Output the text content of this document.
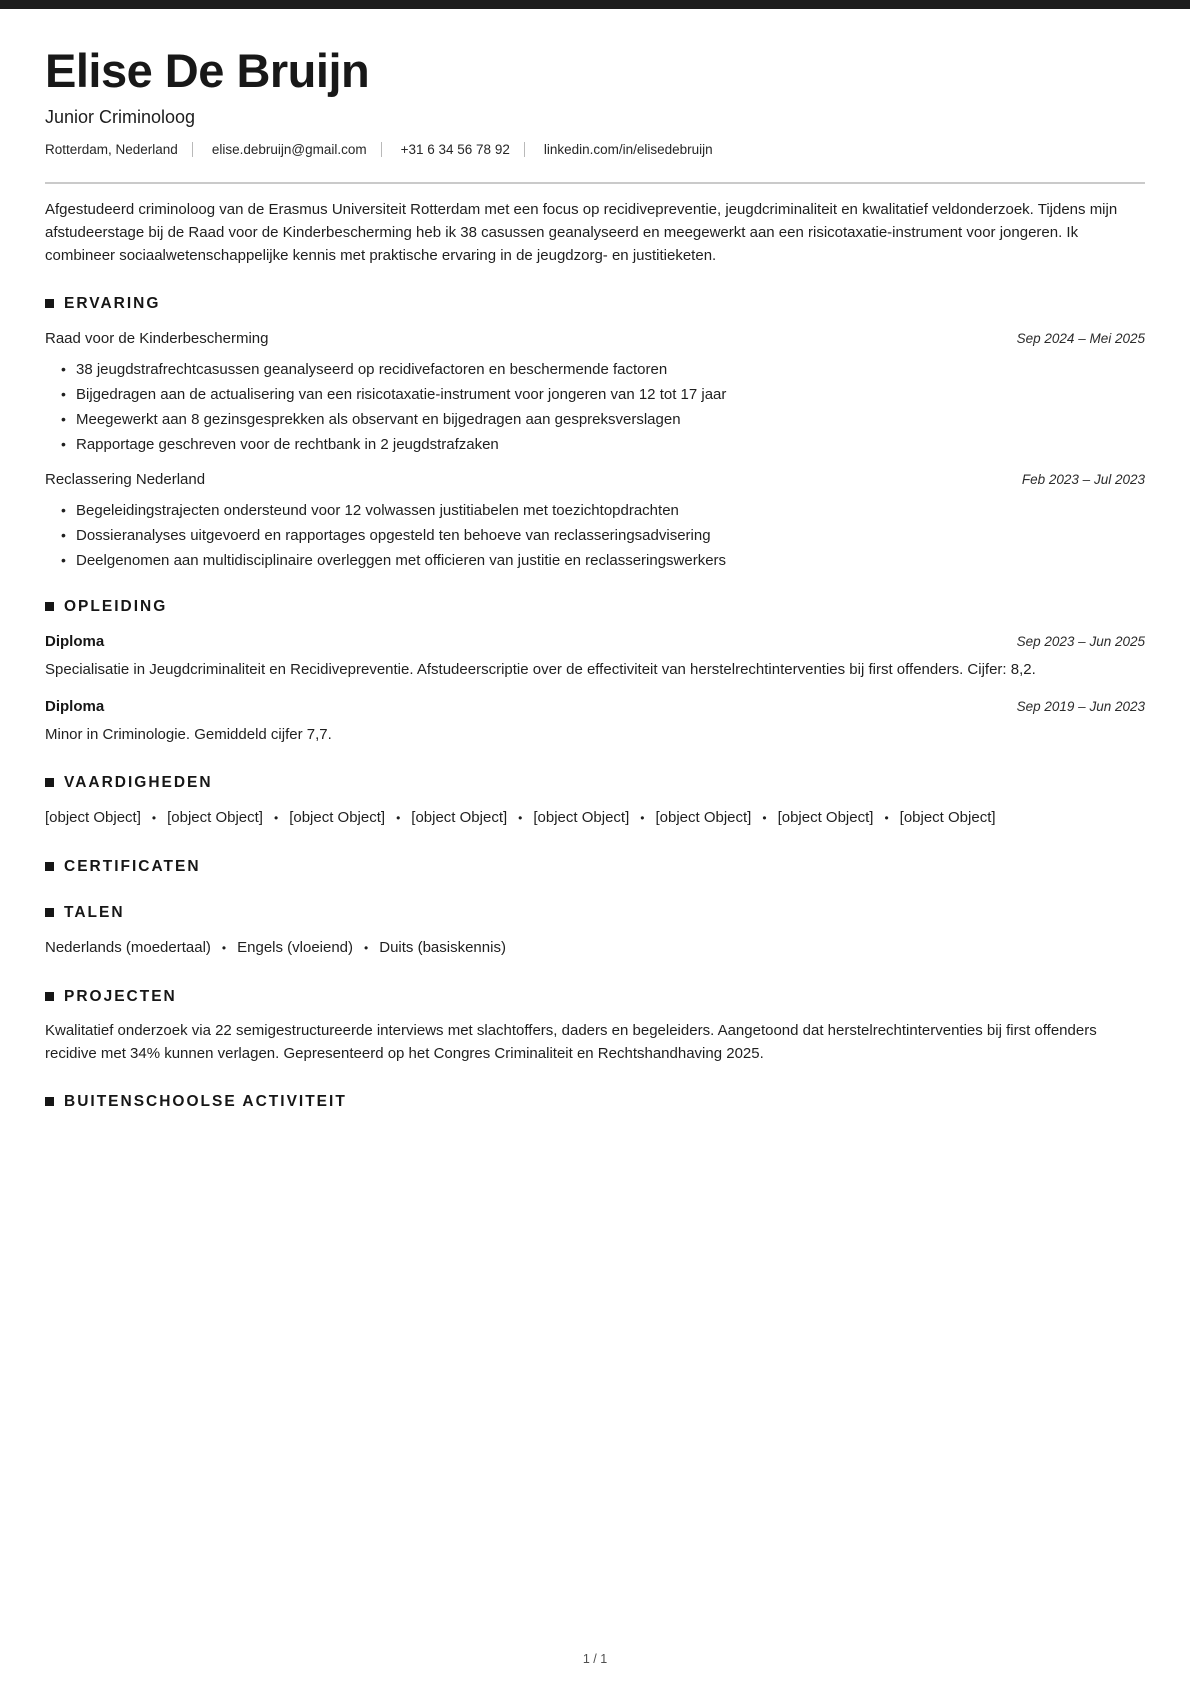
Elise De Bruijn
Junior Criminoloog
Rotterdam, Nederland	elise.debruijn@gmail.com	+31 6 34 56 78 92	linkedin.com/in/elisedebruijn

Afgestudeerd criminoloog van de Erasmus Universiteit Rotterdam met een focus op recidivepreventie, jeugdcriminaliteit en kwalitatief veldonderzoek. Tijdens mijn afstudeerstage bij de Raad voor de Kinderbescherming heb ik 38 casussen geanalyseerd en meegewerkt aan een risicotaxatie-instrument voor jongeren. Ik combineer sociaalwetenschappelijke kennis met praktische ervaring in de jeugdzorg- en justitieketen.

ERVARING
Raad voor de Kinderbescherming	Sep 2024 – Mei 2025
• 38 jeugdstrafrechtcasussen geanalyseerd op recidivefactoren en beschermende factoren
• Bijgedragen aan de actualisering van een risicotaxatie-instrument voor jongeren van 12 tot 17 jaar
• Meegewerkt aan 8 gezinsgesprekken als observant en bijgedragen aan gespreksverslagen
• Rapportage geschreven voor de rechtbank in 2 jeugdstrafzaken
Reclassering Nederland	Feb 2023 – Jul 2023
• Begeleidingstrajecten ondersteund voor 12 volwassen justitiabelen met toezichtopdrachten
• Dossieranalyses uitgevoerd en rapportages opgesteld ten behoeve van reclasseringsadvisering
• Deelgenomen aan multidisciplinaire overleggen met officieren van justitie en reclasseringswerkers
OPLEIDING
Diploma	Sep 2023 – Jun 2025

Specialisatie in Jeugdcriminaliteit en Recidivepreventie. Afstudeerscriptie over de effectiviteit van herstelrechtinterventies bij first offenders. Cijfer: 8,2.

Diploma	Sep 2019 – Jun 2023

Minor in Criminologie. Gemiddeld cijfer 7,7.

VAARDIGHEDEN
[object Object]	• [object Object]	• [object Object]	• [object Object]	• [object Object]	• [object Object]	• [object Object]	• [object Object]
CERTIFICATEN
TALEN
Nederlands (moedertaal)	• Engels (vloeiend)	• Duits (basiskennis)
PROJECTEN

Kwalitatief onderzoek via 22 semigestructureerde interviews met slachtoffers, daders en begeleiders. Aangetoond dat herstelrechtinterventies bij first offenders recidive met 34% kunnen verlagen. Gepresenteerd op het Congres Criminaliteit en Rechtshandhaving 2025.

BUITENSCHOOLSE ACTIVITEIT
1 / 1
